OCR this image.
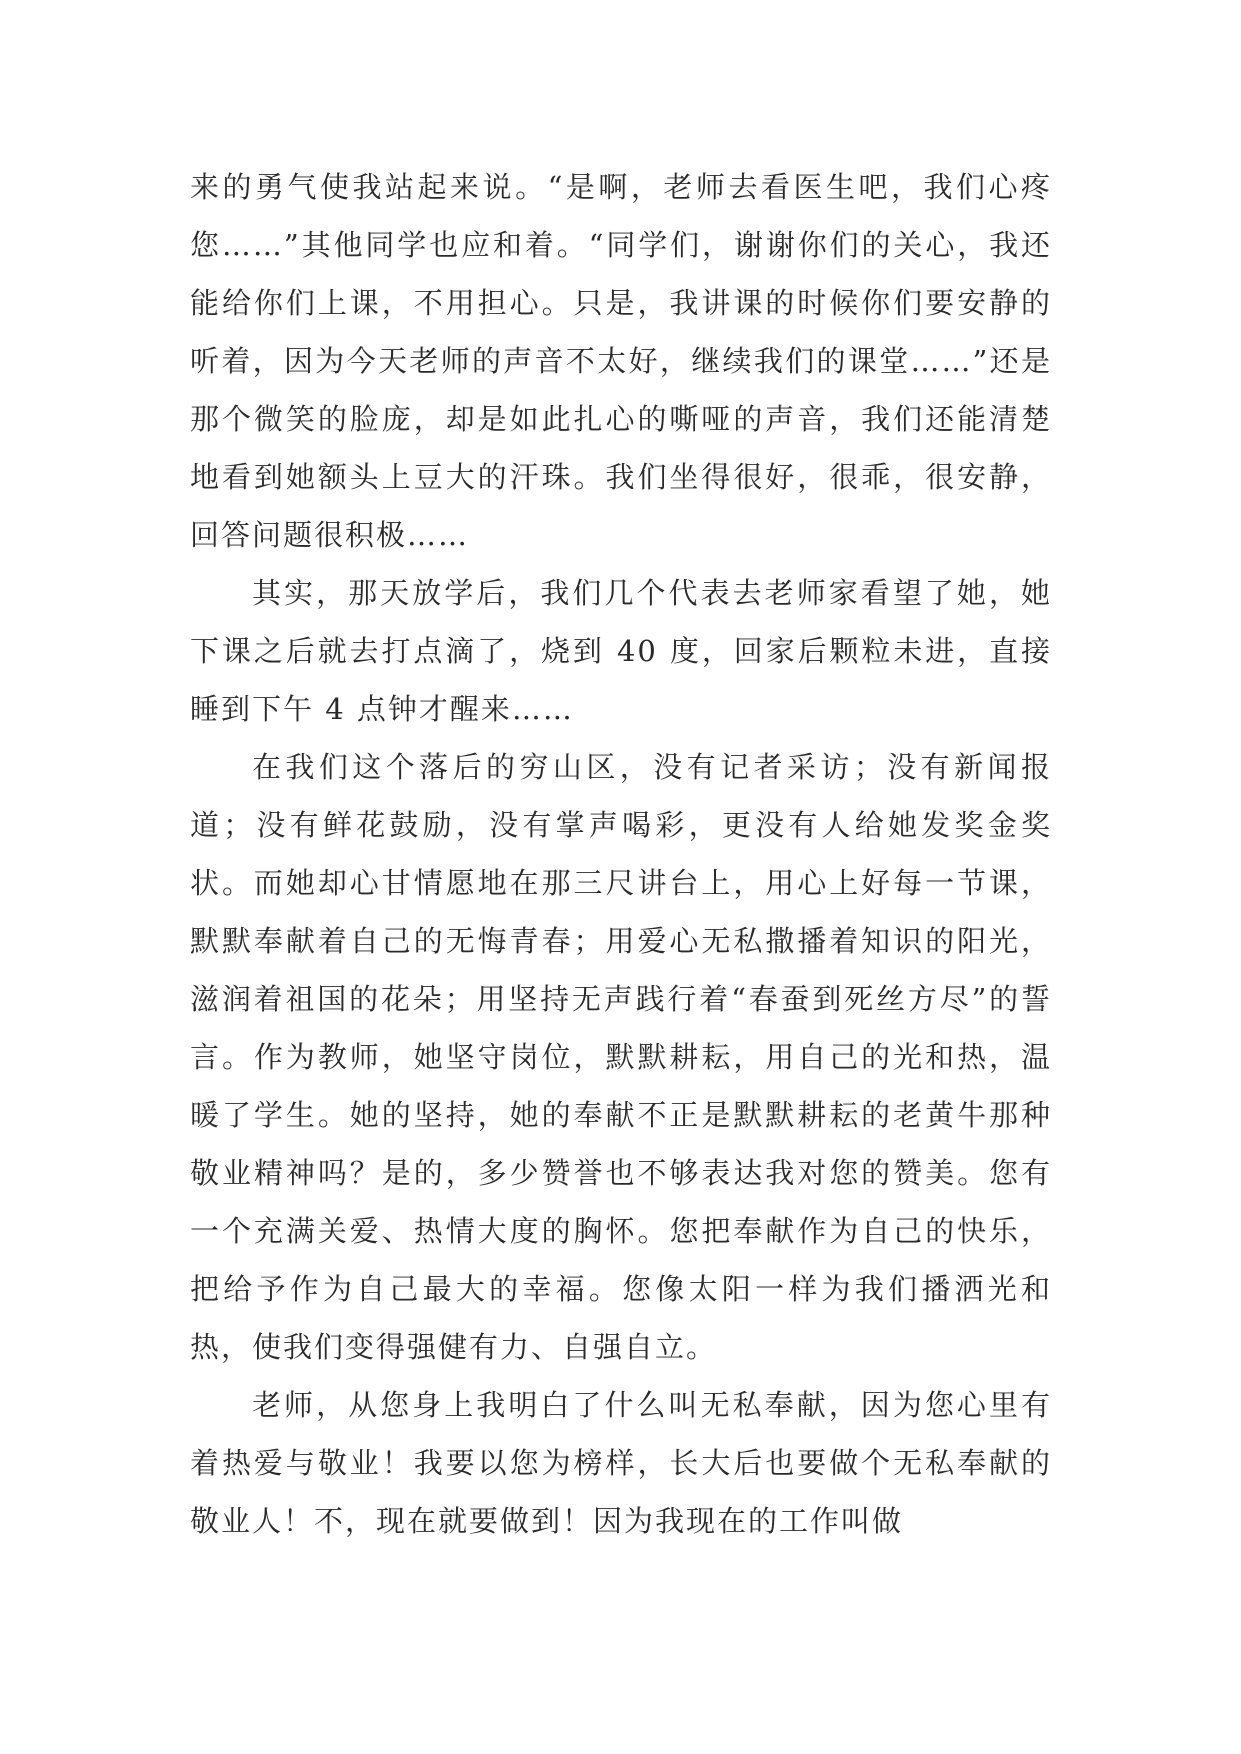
来的勇气使我站起来说。“是啊，老师去看医生吧，我们心疼您……”其他同学也应和着。“同学们，谢谢你们的关心，我还能给你们上课，不用担心。只是，我讲课的时候你们要安静的听着，因为今天老师的声音不太好，继续我们的课堂……”还是那个微笑的脸庞，却是如此扎心的嘶哑的声音，我们还能清楚地看到她额头上豆大的汗珠。我们坐得很好，很乖，很安静，回答问题很积极……

其实，那天放学后，我们几个代表去老师家看望了她，她下课之后就去打点滴了，烧到 40 度，回家后颗粒未进，直接睡到下午 4 点钟才醒来……

在我们这个落后的穷山区，没有记者采访；没有新闻报道；没有鲜花鼓励，没有掌声喝彩，更没有人给她发奖金奖状。而她却心甘情愿地在那三尺讲台上，用心上好每一节课，默默奉献着自己的无悔青春；用爱心无私撒播着知识的阳光，滋润着祖国的花朵；用坚持无声践行着“春蚕到死丝方尽”的誓言。作为教师，她坚守岗位，默默耕耘，用自己的光和热，温暖了学生。她的坚持，她的奉献不正是默默耕耘的老黄牛那种敬业精神吗？是的，多少赞誉也不够表达我对您的赞美。您有一个充满关爱、热情大度的胸怀。您把奉献作为自己的快乐，把给予作为自己最大的幸福。您像太阳一样为我们播洒光和热，使我们变得强健有力、自强自立。

老师，从您身上我明白了什么叫无私奉献，因为您心里有着热爱与敬业！我要以您为榜样，长大后也要做个无私奉献的敬业人！不，现在就要做到！因为我现在的工作叫做
